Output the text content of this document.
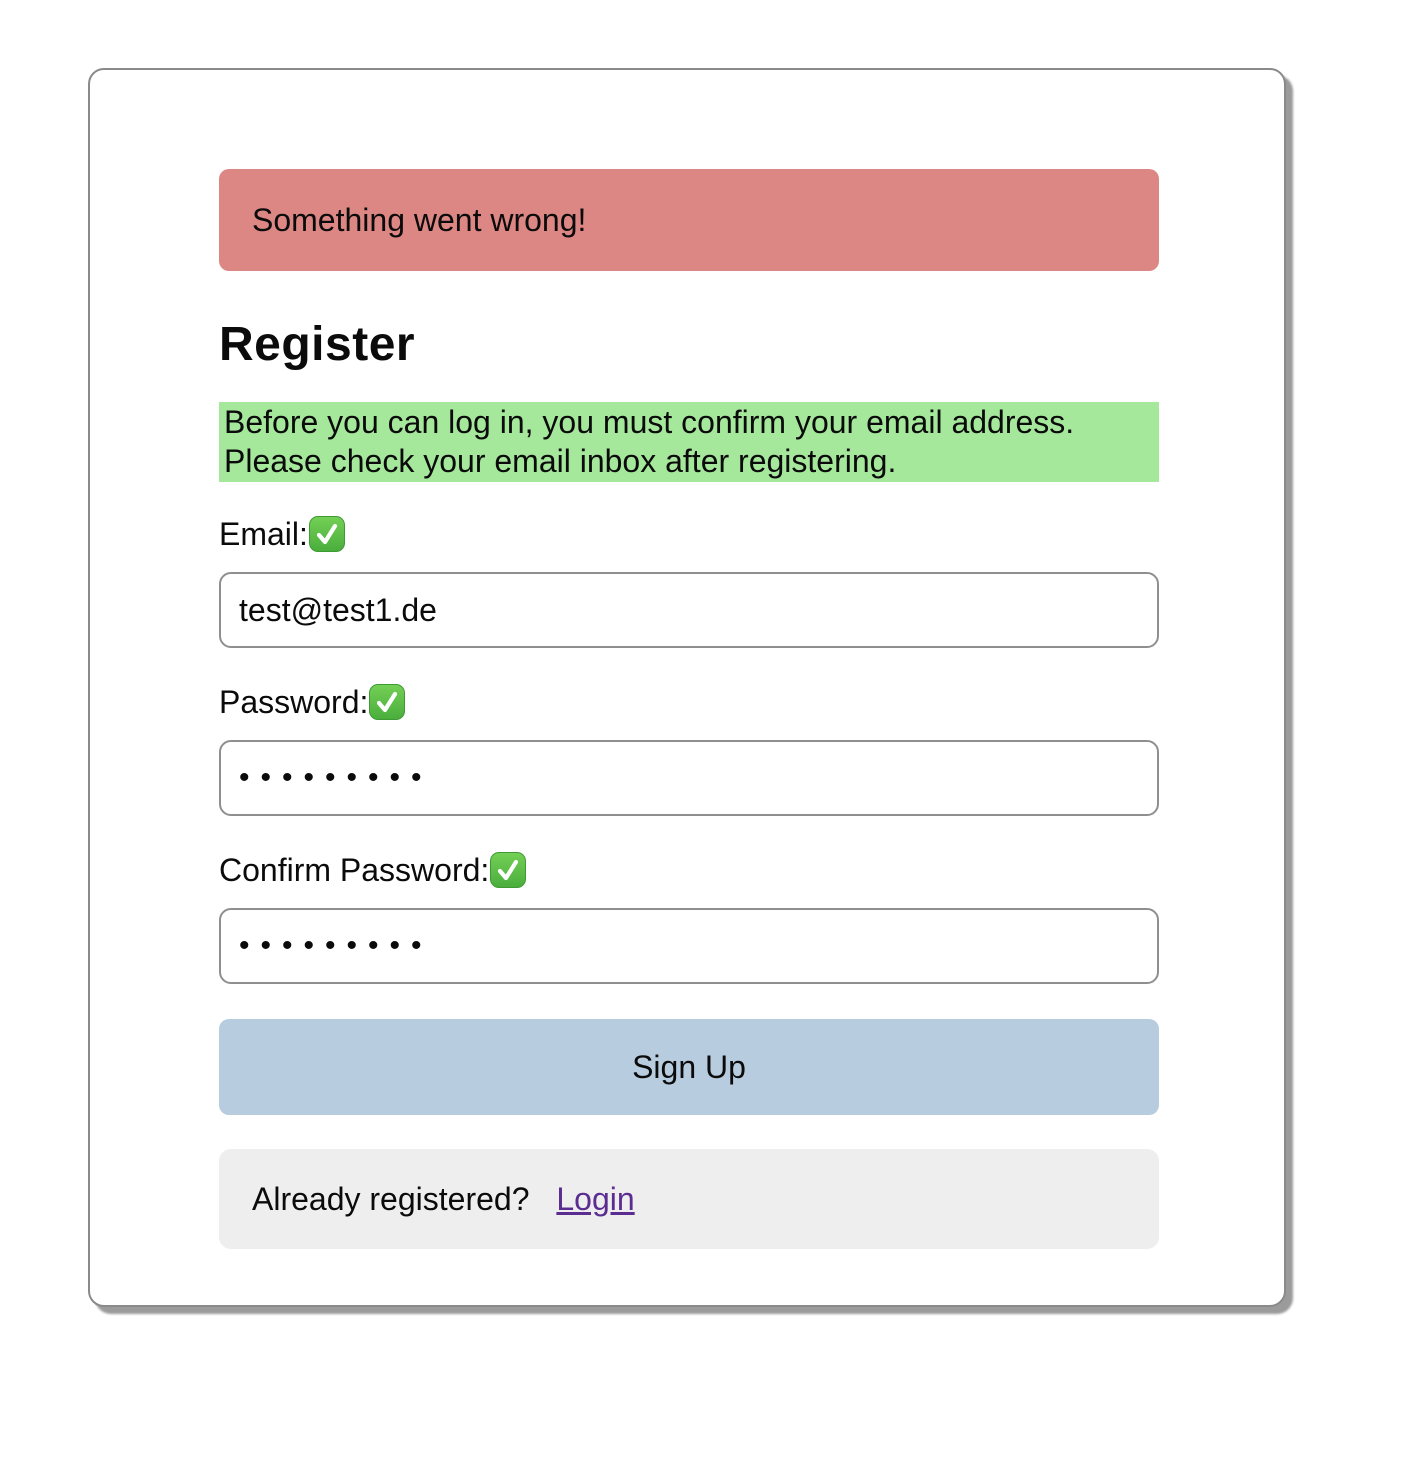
Something went wrong!
Register

Before you can log in, you must confirm your email address. Please check your email inbox after registering.

Email:
test@test1.de
Password:
•••••••••
Confirm Password:
•••••••••
Sign Up
Already registered? Login
